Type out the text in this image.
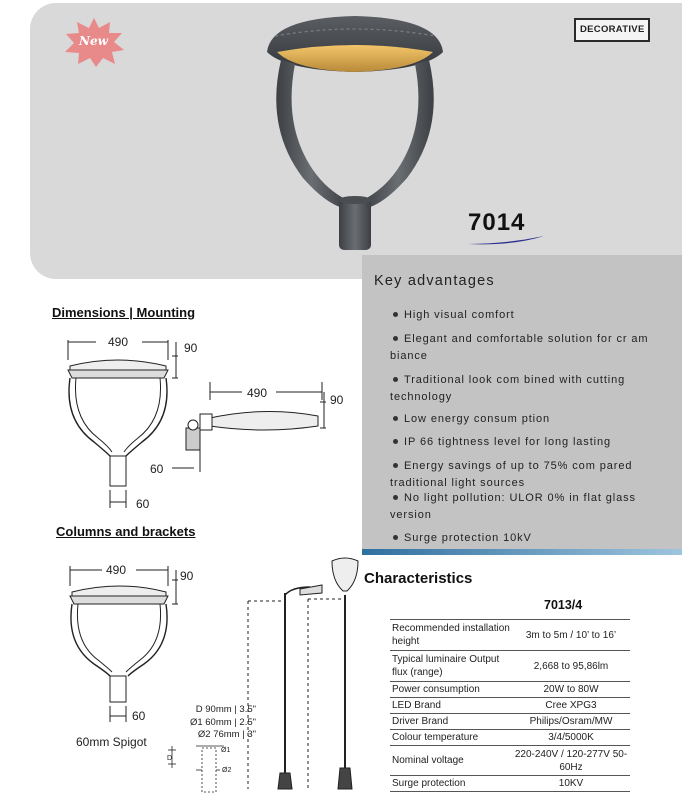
New
DECORATIVE
7014
Key advantages
High visual comfort
Elegant and comfortable solution for cr am biance
Traditional look com bined with cutting technology
Low energy consum ption
IP 66 tightness level for long lasting
Energy savings of up to 75% com pared traditional light sources
No light pollution: ULOR 0% in flat glass version
Surge protection 10kV
Dimensions | Mounting
490	90
60
490	90
60
Columns and brackets
490	90
60
60mm Spigot
D 90mm | 3.5"
Ø1 60mm | 2.5"
Ø2 76mm | 3"
D
Ø1
Ø2
Characteristics
7013/4
Recommended installation height	3m to 5m / 10’ to 16’
Typical luminaire Output flux (range)	2,668 to 95,86lm
Power consumption	20W to 80W
LED Brand	Cree XPG3
Driver Brand	Philips/Osram/MW
Colour temperature	3/4/5000K
Nominal voltage	220-240V / 120-277V 50-60Hz
Surge protection	10KV
